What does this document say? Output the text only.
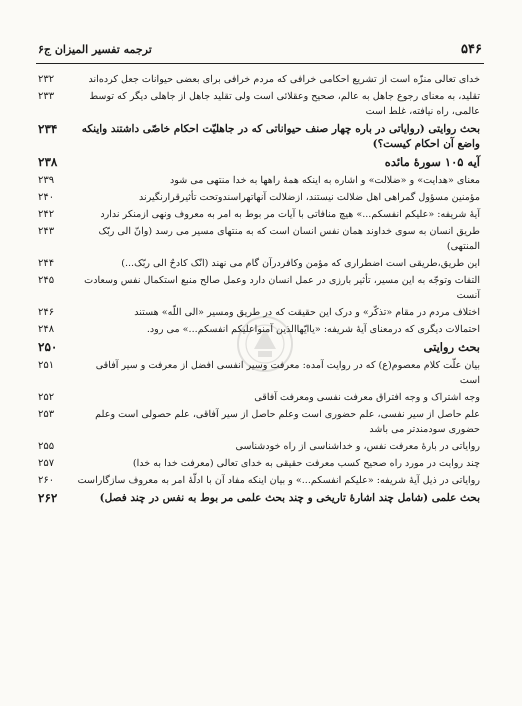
ترجمه تفسیر المیزان ج۶	۵۴۶
۲۳۲	خدای تعالی منزّه است از تشریع احکامی خرافی که مردم خرافی برای بعضی حیوانات جعل کرده‌اند
۲۳۳	تقلید، به معنای رجوع جاهل به عالم، صحیح وعقلائی است ولی تقلید جاهل از جاهلی دیگر که توسط عالمی، راه نیافته، غلط است
۲۳۴	بحث روایتی (روایاتی در باره چهار صنف حیواناتی که در جاهلیّت احکام خاصّی داشتند واینکه واضع آن احکام کیست؟)
۲۳۸	آیه ۱۰۵ سورهٔ مائده
۲۳۹	معنای «هدایت» و «ضلالت» و اشاره به اینکه همهٔ راهها به خدا منتهی می شود
۲۴۰	مؤمنین مسؤول گمراهی اهل ضلالت نیستند، ازضلالت آنهاتهراسندوتحت تأثیرقرارنگیرند
۲۴۲	آیهٔ شریفه: «علیکم انفسکم...» هیچ منافاتی با آیات مر بوط به امر به معروف ونهی ازمنکر ندارد
۲۴۳	طریق انسان به سوی خداوند همان نفس انسان است که به منتهای مسیر می رسد (وانّ الی ربّک المنتهی)
۲۴۴	این طریق،طریقی است اضطراری که مؤمن وکافردرآن گام می نهند (انّک کادحٌ الی ربّک...)
۲۴۵	التفات وتوجّه به این مسیر، تأثیر بارزی در عمل انسان دارد وعمل صالح منبع استکمال نفس وسعادت آنست
۲۴۶	اختلاف مردم در مقام «تذکّر» و درک این حقیقت که در طریق ومسیر «الی اللّه» هستند
۲۴۸	احتمالات دیگری که درمعنای آیهٔ شریفه: «یاایّهاالذین آمنواعلیکم انفسکم...» می رود.
۲۵۰	بحث روایتی
۲۵۱	بیان علّت کلام معصوم(ع) که در روایت آمده: معرفت وسیر انفسی افضل از معرفت و سیر آفاقی است
۲۵۲	وجه اشتراک و وجه افتراق معرفت نفسی ومعرفت آفاقی
۲۵۳	علم حاصل از سیر نفسی، علم حضوری است وعلم حاصل از سیر آفاقی، علم حصولی است وعلم حضوری سودمندتر می باشد
۲۵۵	روایاتی در بارهٔ معرفت نفس، و خداشناسی از راه خودشناسی
۲۵۷	چند روایت در مورد راه صحیح کسب معرفت حقیقی به خدای تعالی (معرفت خدا به خدا)
۲۶۰	روایاتی در ذیل آیهٔ شریفه: «علیکم انفسکم...» و بیان اینکه مفاد آن با ادلّهٔ امر به معروف سازگاراست
۲۶۲	بحث علمی (شامل چند اشارهٔ تاریخی و چند بحث علمی مر بوط به نفس در چند فصل)
